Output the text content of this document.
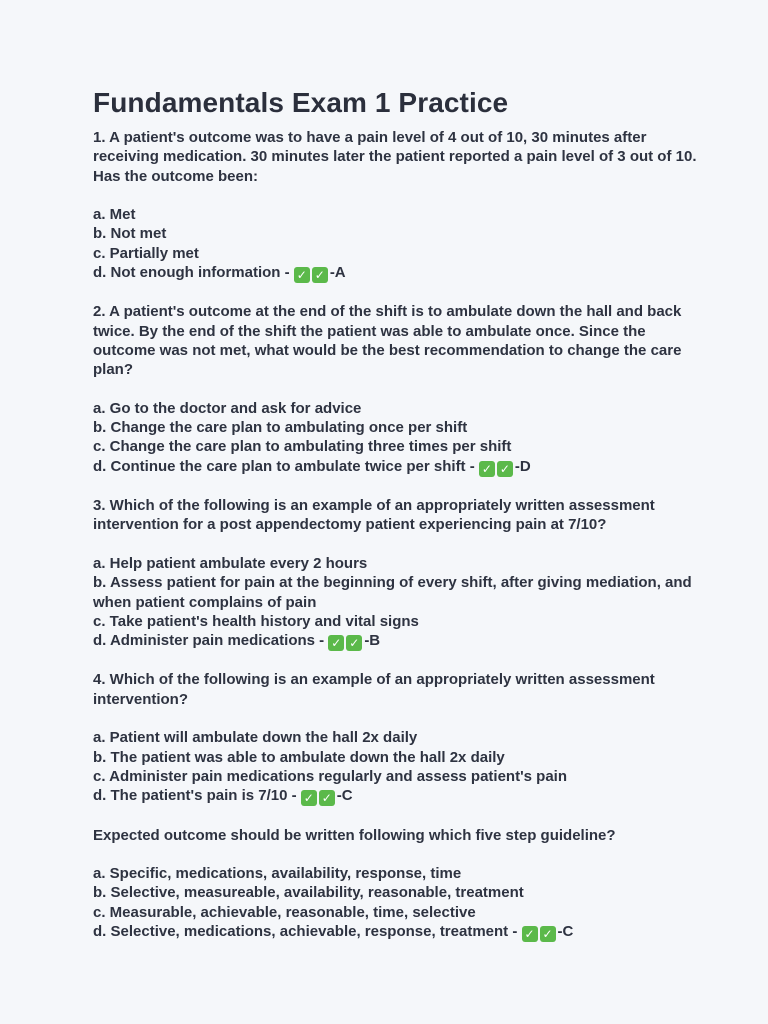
Fundamentals Exam 1 Practice

1. A patient's outcome was to have a pain level of 4 out of 10, 30 minutes after receiving medication. 30 minutes later the patient reported a pain level of 3 out of 10. Has the outcome been:

a. Met
b. Not met
c. Partially met
d. Not enough information - ✓ ✓ -A

2. A patient's outcome at the end of the shift is to ambulate down the hall and back twice. By the end of the shift the patient was able to ambulate once. Since the outcome was not met, what would be the best recommendation to change the care plan?

a. Go to the doctor and ask for advice
b. Change the care plan to ambulating once per shift
c. Change the care plan to ambulating three times per shift
d. Continue the care plan to ambulate twice per shift - ✓ ✓ -D

3. Which of the following is an example of an appropriately written assessment intervention for a post appendectomy patient experiencing pain at 7/10?

a. Help patient ambulate every 2 hours
b. Assess patient for pain at the beginning of every shift, after giving mediation, and when patient complains of pain
c. Take patient's health history and vital signs
d. Administer pain medications - ✓ ✓ -B

4. Which of the following is an example of an appropriately written assessment intervention?

a. Patient will ambulate down the hall 2x daily
b. The patient was able to ambulate down the hall 2x daily
c. Administer pain medications regularly and assess patient's pain
d. The patient's pain is 7/10 - ✓ ✓ -C

Expected outcome should be written following which five step guideline?

a. Specific, medications, availability, response, time
b. Selective, measureable, availability, reasonable, treatment
c. Measurable, achievable, reasonable, time, selective
d. Selective, medications, achievable, response, treatment - ✓ ✓ -C
